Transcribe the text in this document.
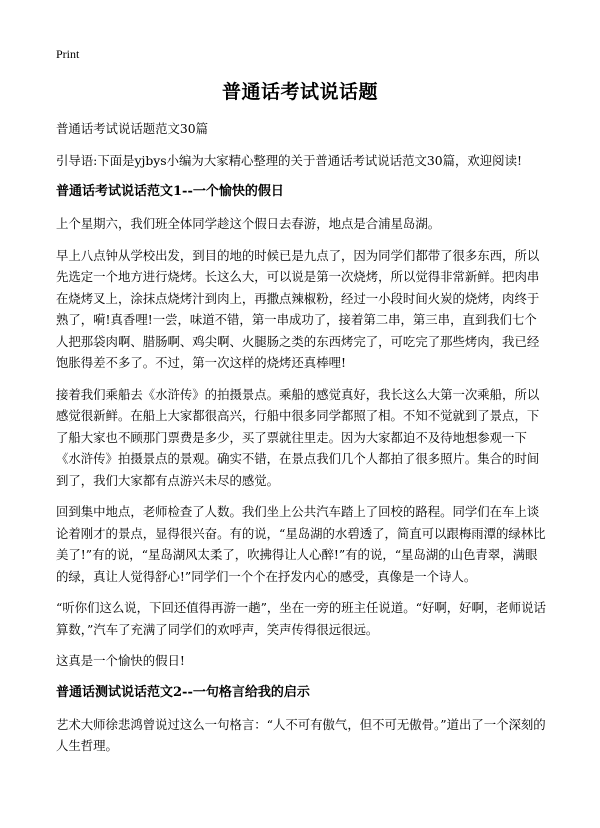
Print
普通话考试说话题

普通话考试说话题范文30篇

引导语:下面是yjbys小编为大家精心整理的关于普通话考试说话范文30篇，欢迎阅读!

普通话考试说话范文1--一个愉快的假日

上个星期六，我们班全体同学趁这个假日去春游，地点是合浦星岛湖。

早上八点钟从学校出发，到目的地的时候已是九点了，因为同学们都带了很多东西，所以先选定一个地方进行烧烤。长这么大，可以说是第一次烧烤，所以觉得非常新鲜。把肉串在烧烤叉上，涂抹点烧烤汁到肉上，再撒点辣椒粉，经过一小段时间火炭的烧烤，肉终于熟了，嗬!真香哩!一尝，味道不错，第一串成功了，接着第二串，第三串，直到我们七个人把那袋肉啊、腊肠啊、鸡尖啊、火腿肠之类的东西烤完了，可吃完了那些烤肉，我已经饱胀得差不多了。不过，第一次这样的烧烤还真棒哩!

接着我们乘船去《水浒传》的拍摄景点。乘船的感觉真好，我长这么大第一次乘船，所以感觉很新鲜。在船上大家都很高兴，行船中很多同学都照了相。不知不觉就到了景点，下了船大家也不顾那门票费是多少，买了票就往里走。因为大家都迫不及待地想参观一下《水浒传》拍摄景点的景观。确实不错，在景点我们几个人都拍了很多照片。集合的时间到了，我们大家都有点游兴未尽的感觉。

回到集中地点，老师检查了人数。我们坐上公共汽车踏上了回校的路程。同学们在车上谈论着刚才的景点，显得很兴奋。有的说，“星岛湖的水碧透了，简直可以跟梅雨潭的绿林比美了!”有的说，“星岛湖风太柔了，吹拂得让人心醉!”有的说，“星岛湖的山色青翠，满眼的绿，真让人觉得舒心!”同学们一个个在抒发内心的感受，真像是一个诗人。

“听你们这么说，下回还值得再游一趟”，坐在一旁的班主任说道。“好啊，好啊，老师说话算数，”汽车了充满了同学们的欢呼声，笑声传得很远很远。

这真是一个愉快的假日!

普通话测试说话范文2--一句格言给我的启示

艺术大师徐悲鸿曾说过这么一句格言：“人不可有傲气，但不可无傲骨。”道出了一个深刻的人生哲理。
